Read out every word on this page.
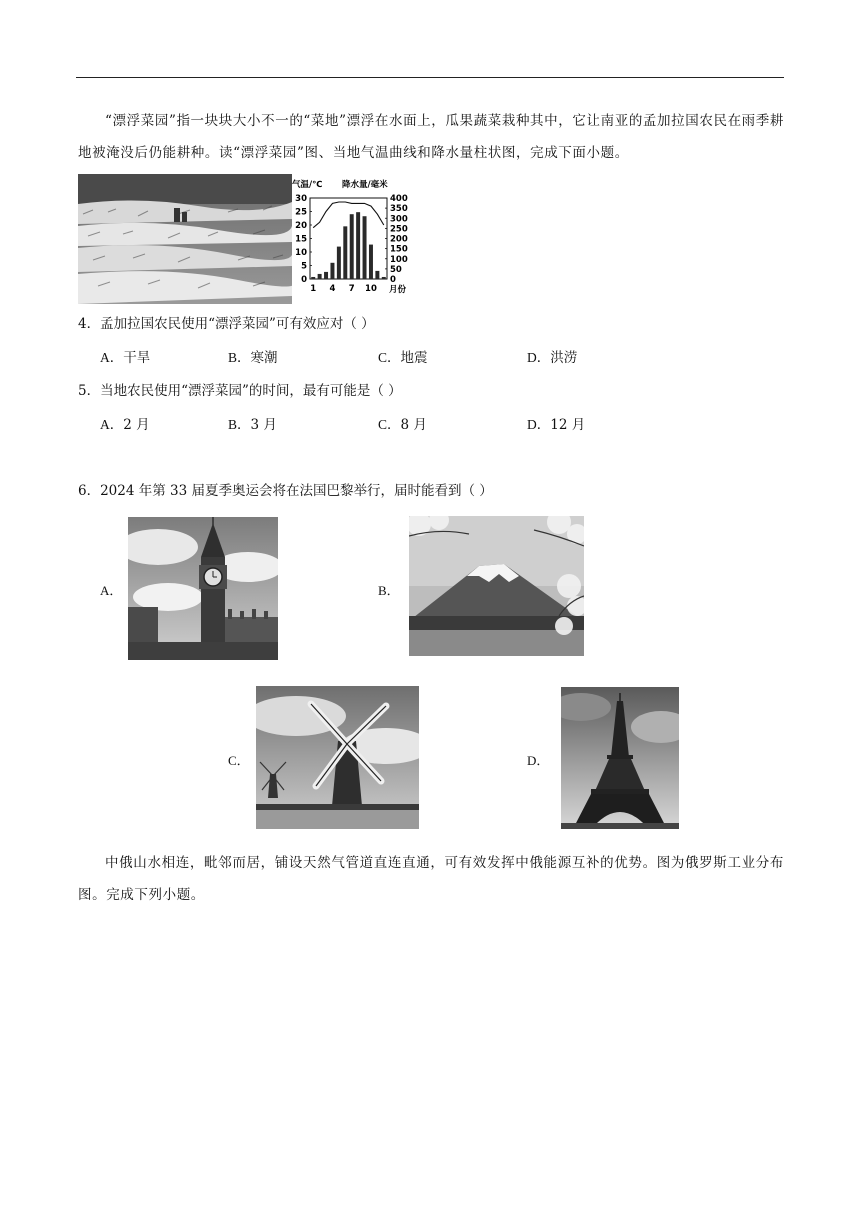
“漂浮菜园”指一块块大小不一的“菜地”漂浮在水面上，瓜果蔬菜栽种其中，它让南亚的孟加拉国农民在雨季耕地被淹没后仍能耕种。读“漂浮菜园”图、当地气温曲线和降水量柱状图，完成下面小题。

气温/℃ 降水量/毫米
30
25
20
15
10
5
0
400
350
300
250
200
150
100
50
0
1 4 7 10 月份
4．孟加拉国农民使用“漂浮菜园”可有效应对（ ）
A．干旱	B．寒潮	C．地震	D．洪涝
5．当地农民使用“漂浮菜园”的时间，最有可能是（ ）
A．2 月	B．3 月	C．8 月	D．12 月
6．2024 年第 33 届夏季奥运会将在法国巴黎举行，届时能看到（ ）
A．	B．
C．	D．

中俄山水相连，毗邻而居，铺设天然气管道直连直通，可有效发挥中俄能源互补的优势。图为俄罗斯工业分布图。完成下列小题。
